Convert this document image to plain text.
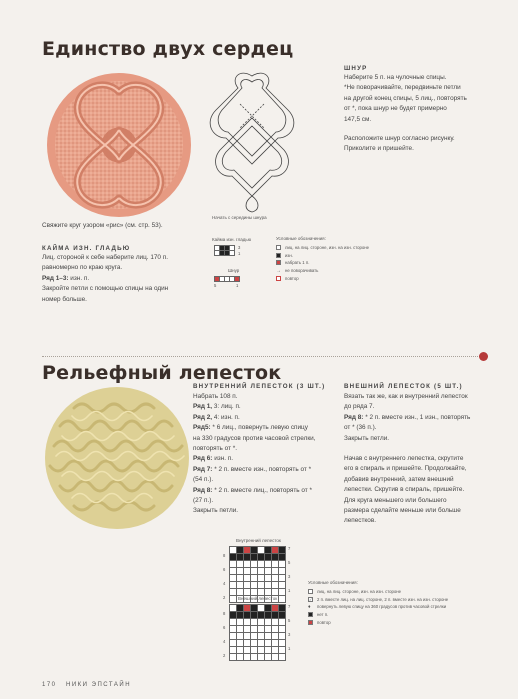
Единство двух сердец
Начать с середины шнура
ШНУР
Наберите 5 п. на чулочные спицы.
*Не поворачивайте, передвиньте петли
на другой конец спицы, 5 лиц., повторять
от *, пока шнур не будет примерно
147,5 см.
Расположите шнур согласно рисунку.
Приколите и пришейте.
Свяжите круг узором «рис» (см. стр. 53).
КАЙМА ИЗН. ГЛАДЬЮ
Лиц. стороной к себе наберите лиц. 170 п.
равномерно по краю круга.
Ряд 1–3: изн. п.
Закройте петли с помощью спицы на один
номер больше.
Кайма изн. гладью
3
1
Шнур
5	1
Условные обозначения:
лиц. на лиц. стороне, изн. на изн. стороне
изн.
набрать 1 п.
→ не поворачивать
повтор
Рельефный лепесток
ВНУТРЕННИЙ ЛЕПЕСТОК (3 ШТ.)
Набрать 108 п.
Ряд 1, 3: лиц. п.
Ряд 2, 4: изн. п.
Ряд5: * 6 лиц., повернуть левую спицу
на 330 градусов против часовой стрелки,
повторять от *.
Ряд 6: изн. п.
Ряд 7: * 2 п. вместе изн., повторять от *
(54 п.).
Ряд 8: * 2 п. вместе лиц., повторять от *
(27 п.).
Закрыть петли.
ВНЕШНИЙ ЛЕПЕСТОК (5 ШТ.)
Вязать так же, как и внутренний лепесток
до ряда 7.
Ряд 8: * 2 п. вместе изн., 1 изн., повторять
от * (36 п.).
Закрыть петли.
Начав с внутреннего лепестка, скрутите
его в спираль и пришейте. Продолжайте,
добавив внутренний, затем внешний
лепестки. Скрутив в спираль, пришейте.
Для круга меньшего или большего
размера сделайте меньше или больше
лепестков.
Внутренний лепесток
8
6
4
2
7
5
3
1
Внешний лепесток
8
6
4
2
7
5
3
1
Условные обозначения:
лиц. на лиц. стороне, изн. на изн. стороне
✓ 2 п. вместе лиц. на лиц. стороне, 2 п. вместе изн. на изн. стороне
♦	повернуть левую спицу на 360 градусов против часовой стрелки
нет п.
повтор
170 НИКИ ЭПСТАЙН
